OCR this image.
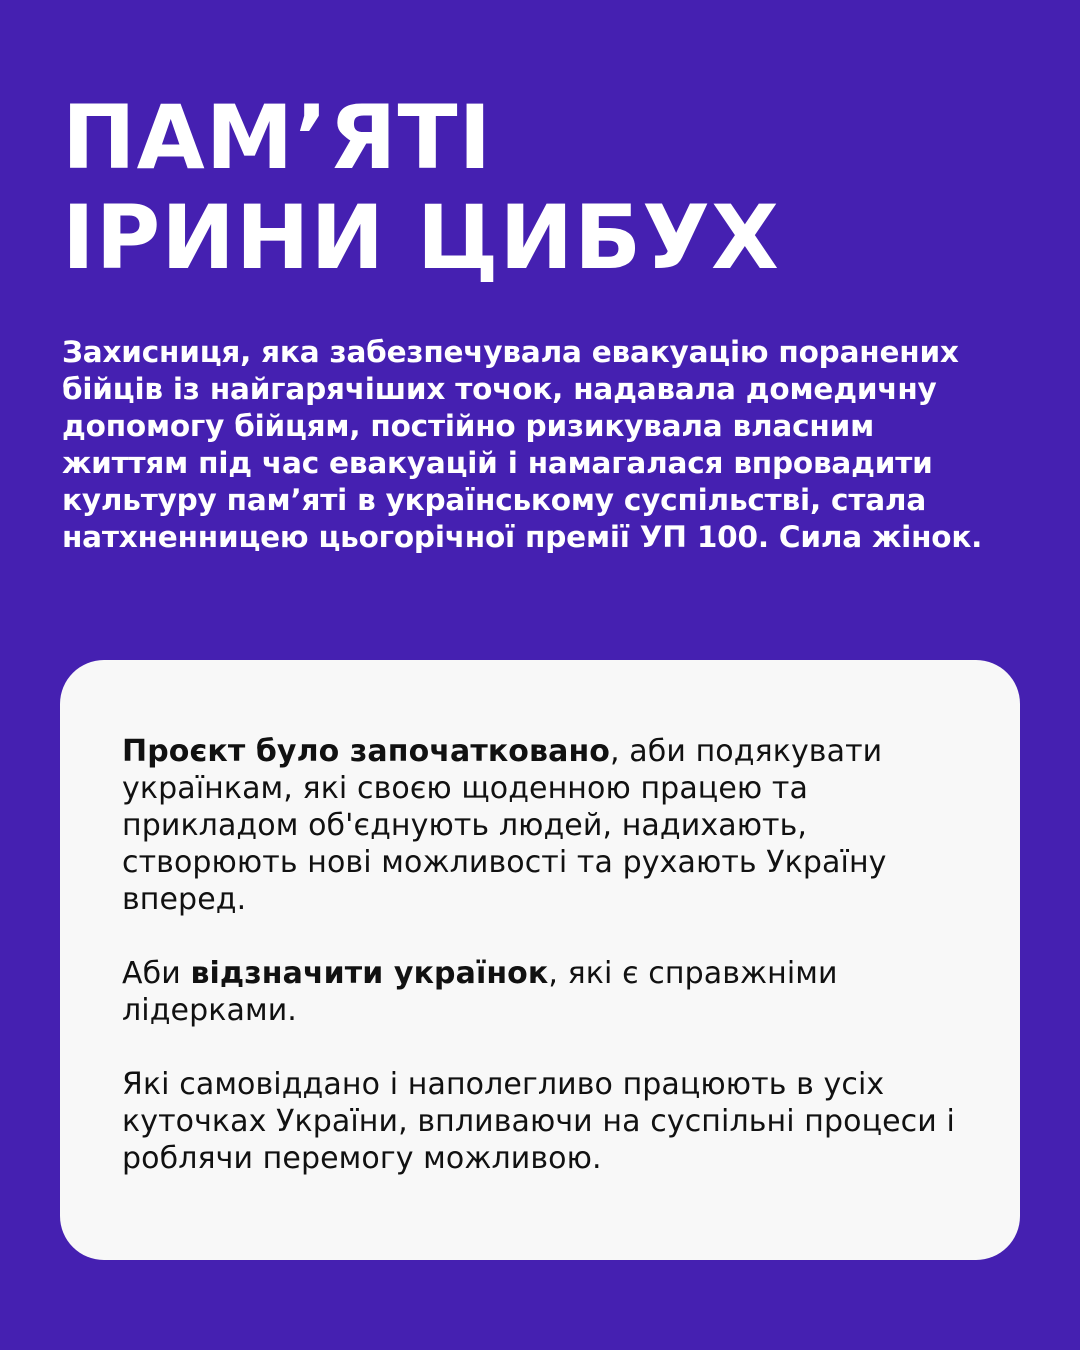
ПАМ’ЯТІ
ІРИНИ ЦИБУХ

Захисниця, яка забезпечувала евакуацію поранених
бійців із найгарячіших точок, надавала домедичну
допомогу бійцям, постійно ризикувала власним
життям під час евакуацій і намагалася впровадити
культуру пам’яті в українському суспільстві, стала
натхненницею цьогорічної премії УП 100. Сила жінок.

Проєкт було започатковано, аби подякувати українкам, які своєю щоденною працею та прикладом об'єднують людей, надихають, створюють нові можливості та рухають Україну вперед.

Аби відзначити українок, які є справжніми лідерками.

Які самовіддано і наполегливо працюють в усіх куточках України, впливаючи на суспільні процеси і роблячи перемогу можливою.
